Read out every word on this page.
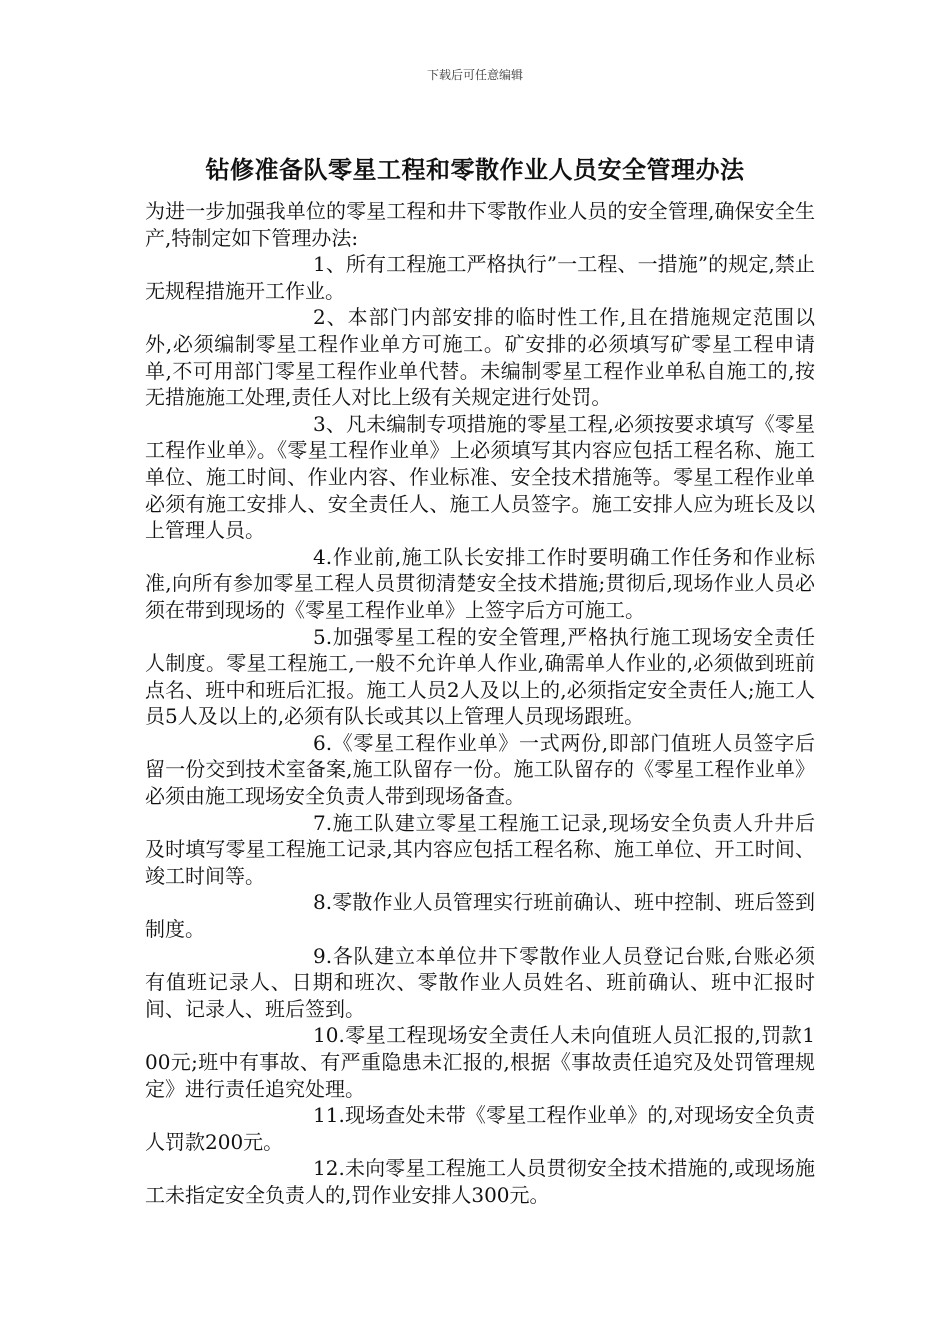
下载后可任意编辑
钻修准备队零星工程和零散作业人员安全管理办法

为进一步加强我单位的零星工程和井下零散作业人员的安全管理,确保安全生产,特制定如下管理办法:

1、所有工程施工严格执行”一工程、一措施”的规定,禁止无规程措施开工作业。

2、本部门内部安排的临时性工作,且在措施规定范围以外,必须编制零星工程作业单方可施工。矿安排的必须填写矿零星工程申请单,不可用部门零星工程作业单代替。未编制零星工程作业单私自施工的,按无措施施工处理,责任人对比上级有关规定进行处罚。

3、凡未编制专项措施的零星工程,必须按要求填写《零星工程作业单》。《零星工程作业单》上必须填写其内容应包括工程名称、施工单位、施工时间、作业内容、作业标准、安全技术措施等。零星工程作业单必须有施工安排人、安全责任人、施工人员签字。施工安排人应为班长及以上管理人员。

4.作业前,施工队长安排工作时要明确工作任务和作业标准,向所有参加零星工程人员贯彻清楚安全技术措施;贯彻后,现场作业人员必须在带到现场的《零星工程作业单》上签字后方可施工。

5.加强零星工程的安全管理,严格执行施工现场安全责任人制度。零星工程施工,一般不允许单人作业,确需单人作业的,必须做到班前点名、班中和班后汇报。施工人员2人及以上的,必须指定安全责任人;施工人员5人及以上的,必须有队长或其以上管理人员现场跟班。

6.《零星工程作业单》一式两份,即部门值班人员签字后留一份交到技术室备案,施工队留存一份。施工队留存的《零星工程作业单》必须由施工现场安全负责人带到现场备查。

7.施工队建立零星工程施工记录,现场安全负责人升井后及时填写零星工程施工记录,其内容应包括工程名称、施工单位、开工时间、竣工时间等。

8.零散作业人员管理实行班前确认、班中控制、班后签到制度。

9.各队建立本单位井下零散作业人员登记台账,台账必须有值班记录人、日期和班次、零散作业人员姓名、班前确认、班中汇报时间、记录人、班后签到。

10.零星工程现场安全责任人未向值班人员汇报的,罚款100元;班中有事故、有严重隐患未汇报的,根据《事故责任追究及处罚管理规定》进行责任追究处理。

11.现场查处未带《零星工程作业单》的,对现场安全负责人罚款200元。

12.未向零星工程施工人员贯彻安全技术措施的,或现场施工未指定安全负责人的,罚作业安排人300元。
